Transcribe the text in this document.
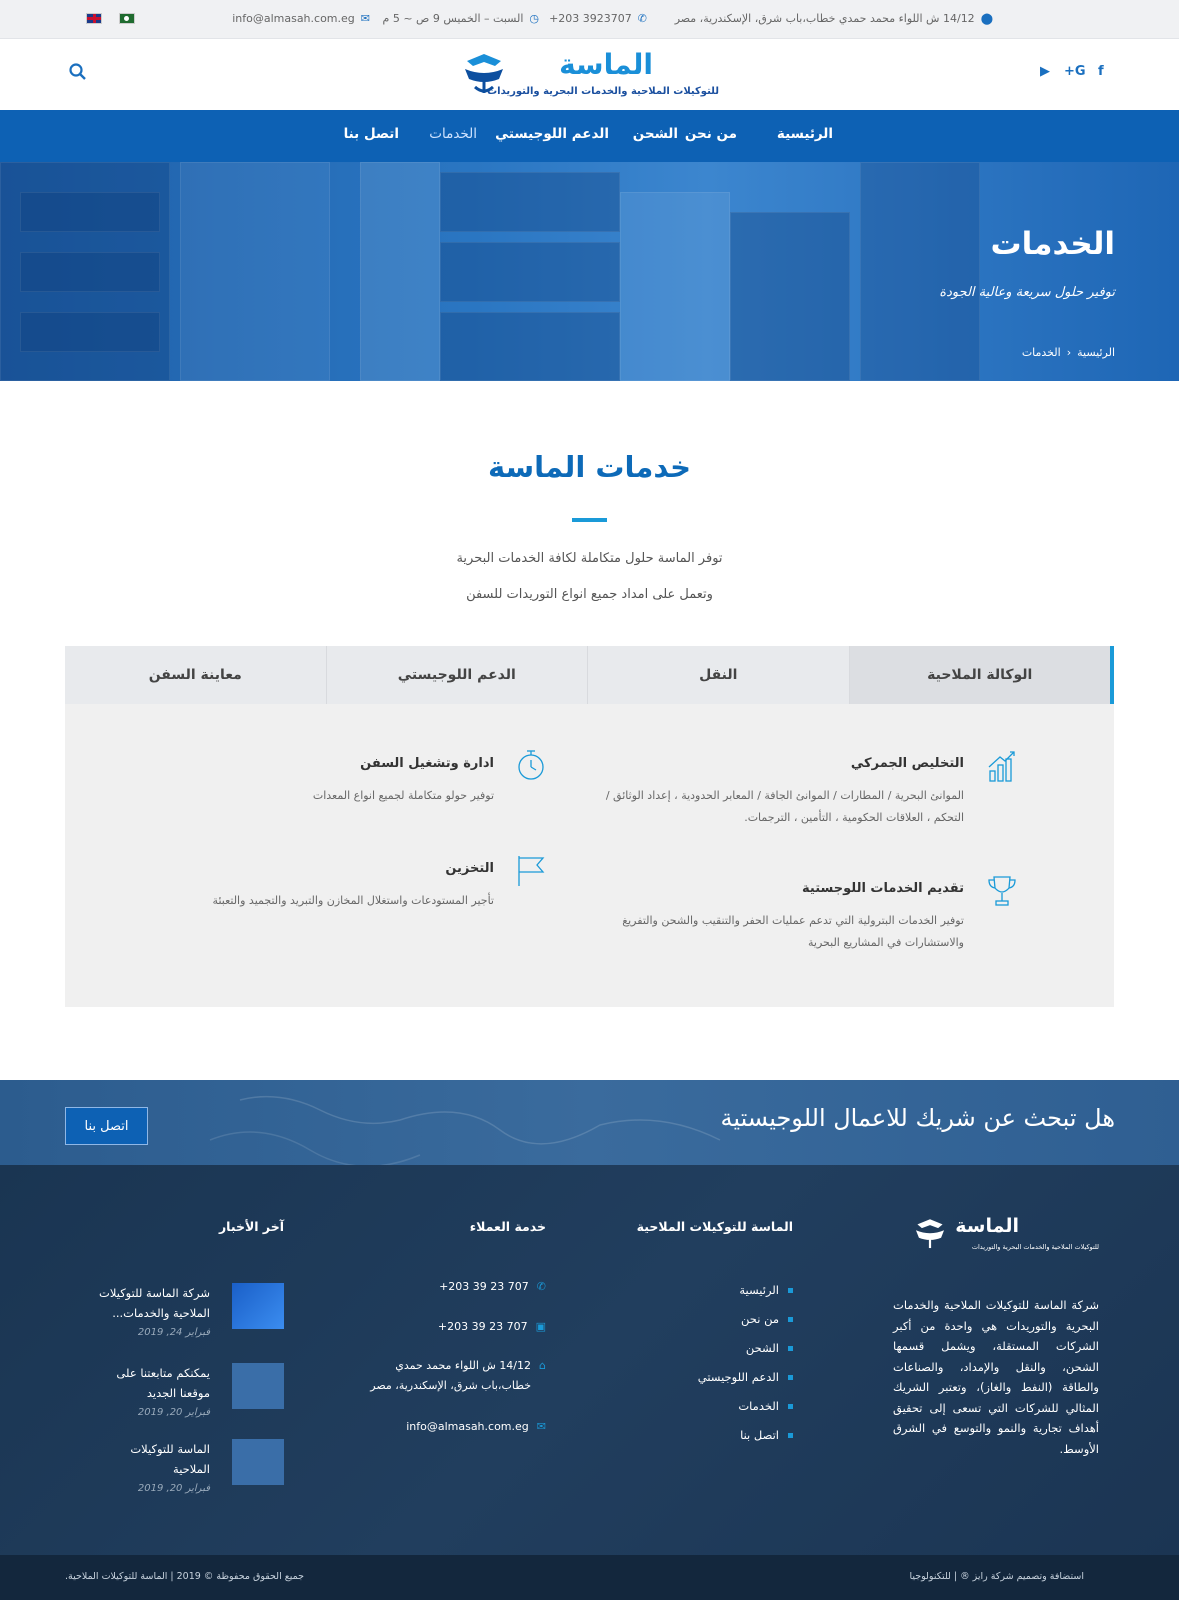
⬤
14/12 ش اللواء محمد حمدي خطاب،باب شرق، الإسكندرية، مصر
✆
+203 3923707
◷
السبت – الخميس 9 ص ~ 5 م
✉
info@almasah.com.eg
الماسة
للتوكيلات الملاحية والخدمات البحرية والتوريدات
▶ G+ f
الرئيسية
من نحن
الشحن
الدعم اللوجيستي
الخدمات
اتصل بنا
الخدمات
توفير حلول سريعة وعالية الجودة
الرئيسية
‹
الخدمات
خدمات الماسة
توفر الماسة حلول متكاملة لكافة الخدمات البحرية
وتعمل على امداد جميع انواع التوريدات للسفن
الوكالة الملاحية
النقل
الدعم اللوجيستي
معاينة السفن
التخليص الجمركي
الموانئ البحرية / المطارات / الموانئ الجافة / المعابر الحدودية ، إعداد الوثائق / التحكم ، العلاقات الحكومية ، التأمين ، الترجمات.
ادارة وتشغيل السفن
توفير حولو متكاملة لجميع انواع المعدات
تقديم الخدمات اللوجستية
توفير الخدمات البترولية التي تدعم عمليات الحفر والتنقيب والشحن والتفريغ والاستشارات في المشاريع البحرية
التخزين
تأجير المستودعات واستغلال المخازن والتبريد والتجميد والتعبئة
هل تبحث عن شريك للاعمال اللوجيستية
اتصل بنا
الماسة
للتوكيلات الملاحية والخدمات البحرية والتوريدات
شركة الماسة للتوكيلات الملاحية والخدمات البحرية والتوريدات هي واحدة من أكبر الشركات المستقلة، ويشمل قسمها الشحن، والنقل والإمداد، والصناعات والطاقة (النفط والغاز)، وتعتبر الشريك المثالي للشركات التي تسعى إلى تحقيق أهداف تجارية والنمو والتوسع في الشرق الأوسط.
الماسة للتوكيلات الملاحية
الرئيسية
من نحن
الشحن
الدعم اللوجيستي
الخدمات
اتصل بنا
خدمة العملاء
✆
+203 39 23 707
▣
+203 39 23 707
⌂
14/12 ش اللواء محمد حمدي خطاب،باب شرق، الإسكندرية، مصر
✉
info@almasah.com.eg
آخر الأخبار
شركة الماسة للتوكيلات الملاحية والخدمات...
فبراير 24, 2019
يمكنكم متابعتنا على موقعنا الجديد
فبراير 20, 2019
الماسة للتوكيلات الملاحية
فبراير 20, 2019
جميع الحقوق محفوظة © 2019 | الماسة للتوكيلات الملاحية.	استضافة وتصميم شركة رايز ® | للتكنولوجيا
